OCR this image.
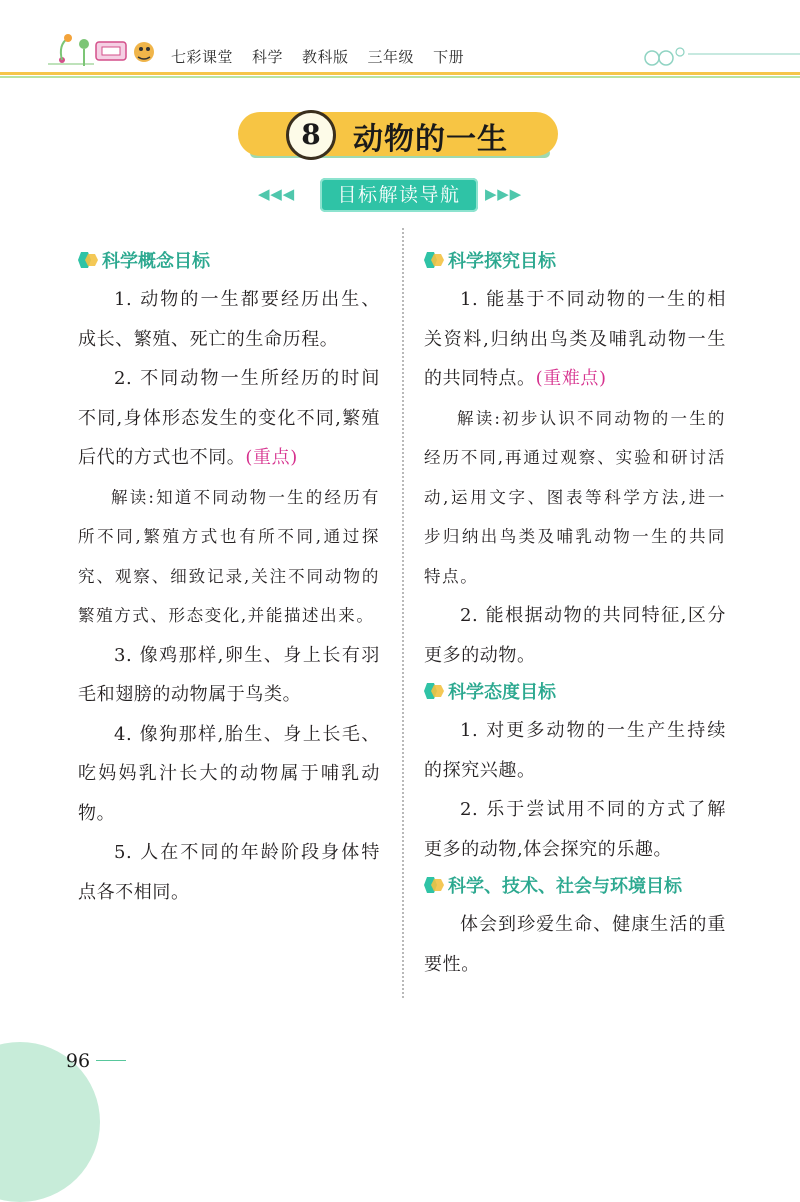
七彩课堂 科学 教科版 三年级 下册
8	动物的一生
◀ ◀ ◀	目标解读导航	▶ ▶ ▶
科学概念目标

1. 动物的一生都要经历出生、成长、繁殖、死亡的生命历程。

2. 不同动物一生所经历的时间不同,身体形态发生的变化不同,繁殖后代的方式也不同。(重点)

解读:知道不同动物一生的经历有所不同,繁殖方式也有所不同,通过探究、观察、细致记录,关注不同动物的繁殖方式、形态变化,并能描述出来。

3. 像鸡那样,卵生、身上长有羽毛和翅膀的动物属于鸟类。

4. 像狗那样,胎生、身上长毛、吃妈妈乳汁长大的动物属于哺乳动物。

5. 人在不同的年龄阶段身体特点各不相同。

科学探究目标

1. 能基于不同动物的一生的相关资料,归纳出鸟类及哺乳动物一生的共同特点。(重难点)

解读:初步认识不同动物的一生的经历不同,再通过观察、实验和研讨活动,运用文字、图表等科学方法,进一步归纳出鸟类及哺乳动物一生的共同特点。

2. 能根据动物的共同特征,区分更多的动物。

科学态度目标

1. 对更多动物的一生产生持续的探究兴趣。

2. 乐于尝试用不同的方式了解更多的动物,体会探究的乐趣。

科学、技术、社会与环境目标

体会到珍爱生命、健康生活的重要性。

96
